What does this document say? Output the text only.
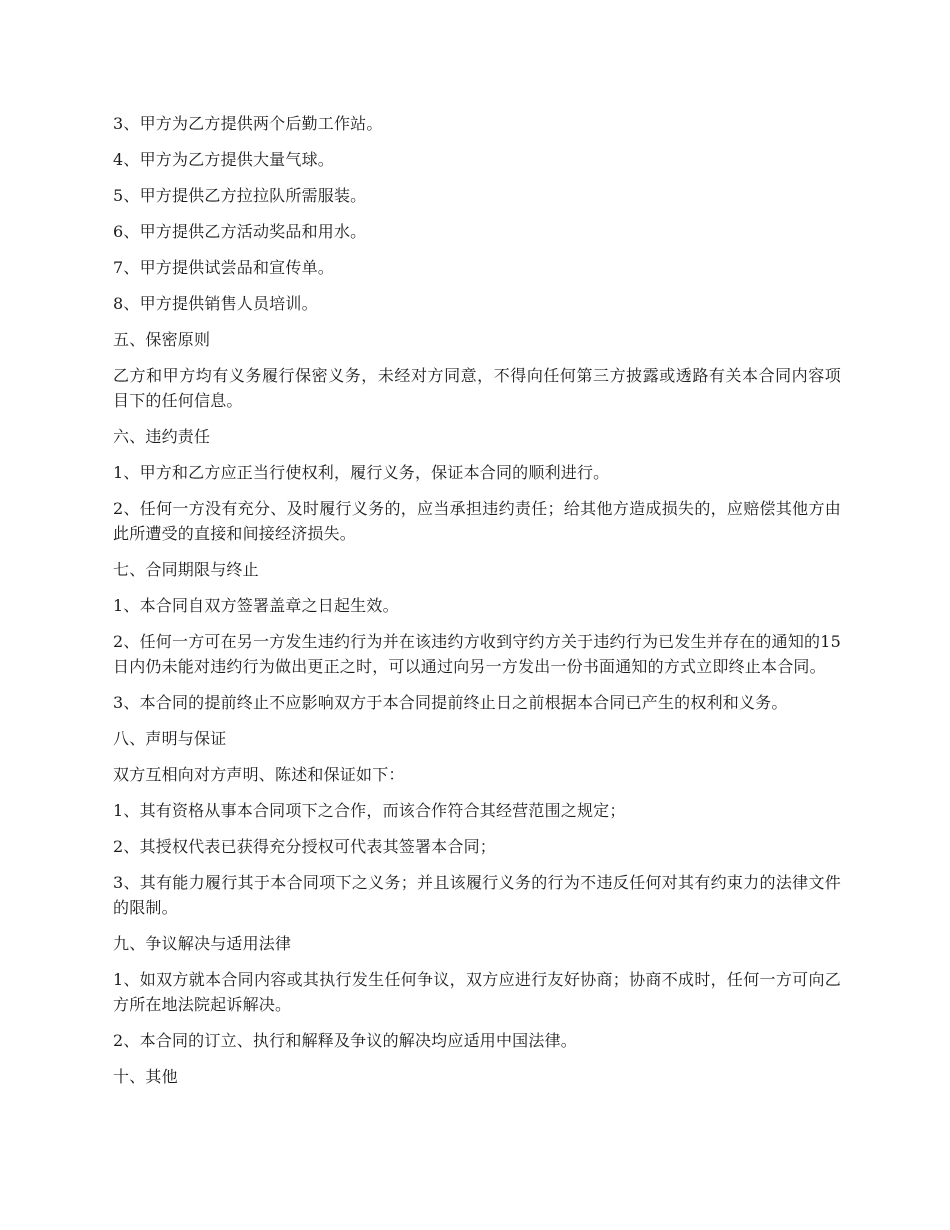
3、甲方为乙方提供两个后勤工作站。

4、甲方为乙方提供大量气球。

5、甲方提供乙方拉拉队所需服装。

6、甲方提供乙方活动奖品和用水。

7、甲方提供试尝品和宣传单。

8、甲方提供销售人员培训。

五、保密原则

乙方和甲方均有义务履行保密义务，未经对方同意，不得向任何第三方披露或透路有关本合同内容项目下的任何信息。

六、违约责任

1、甲方和乙方应正当行使权利，履行义务，保证本合同的顺利进行。

2、任何一方没有充分、及时履行义务的，应当承担违约责任；给其他方造成损失的，应赔偿其他方由此所遭受的直接和间接经济损失。

七、合同期限与终止

1、本合同自双方签署盖章之日起生效。

2、任何一方可在另一方发生违约行为并在该违约方收到守约方关于违约行为已发生并存在的通知的15日内仍未能对违约行为做出更正之时，可以通过向另一方发出一份书面通知的方式立即终止本合同。

3、本合同的提前终止不应影响双方于本合同提前终止日之前根据本合同已产生的权利和义务。

八、声明与保证

双方互相向对方声明、陈述和保证如下：

1、其有资格从事本合同项下之合作，而该合作符合其经营范围之规定；

2、其授权代表已获得充分授权可代表其签署本合同；

3、其有能力履行其于本合同项下之义务；并且该履行义务的行为不违反任何对其有约束力的法律文件的限制。

九、争议解决与适用法律

1、如双方就本合同内容或其执行发生任何争议，双方应进行友好协商；协商不成时，任何一方可向乙方所在地法院起诉解决。

2、本合同的订立、执行和解释及争议的解决均应适用中国法律。

十、其他
